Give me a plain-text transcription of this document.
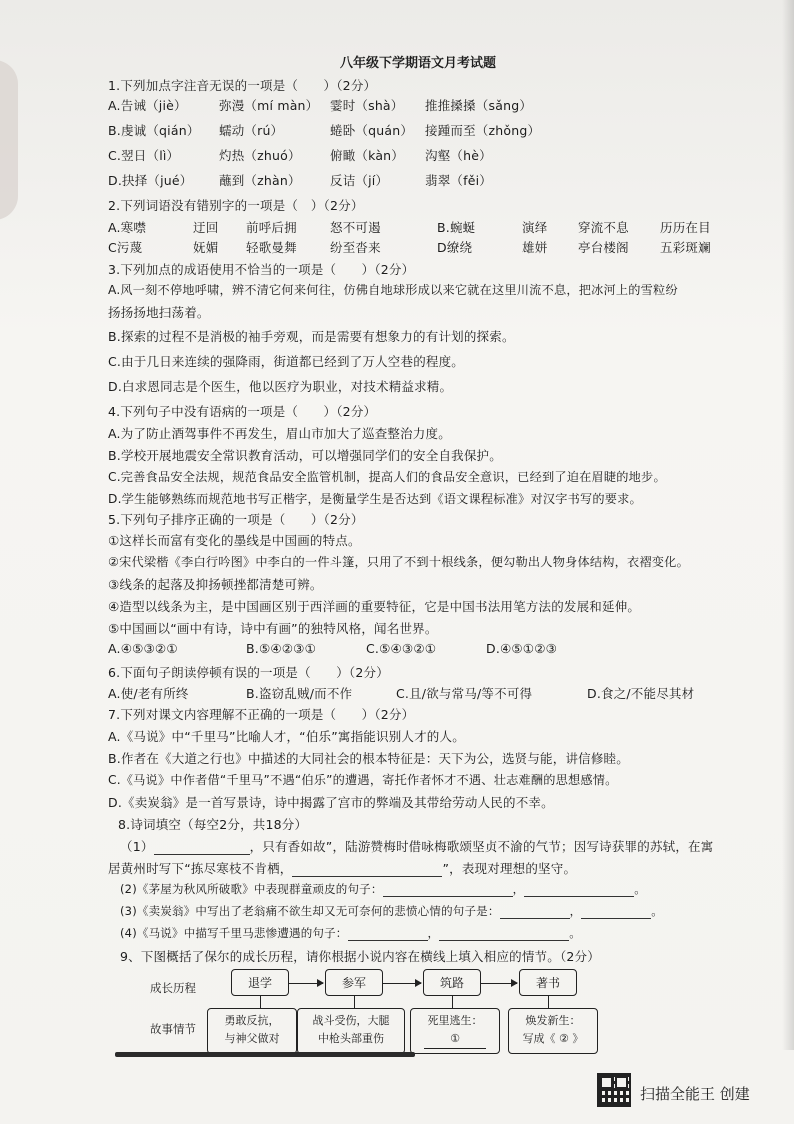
八年级下学期语文月考试题
1.下列加点字注音无误的一项是（　　）（2分）
A.告诫（jiè）	弥漫（mí màn） 霎时（shà） 推推搡搡（sǎng）
B.虔诚（qián） 蠕动（rú）	蜷卧（quán） 接踵而至（zhǒng）
C.翌日（lì）	灼热（zhuó） 俯瞰（kàn） 沟壑（hè）
D.抉择（jué） 蘸到（zhàn） 反诘（jí）	翡翠（fěi）
2.下列词语没有错别字的一项是（　）（2分）
A.寒噤	迂回 前呼后拥	怒不可遏	B.蜿蜒	演绎 穿流不息 历历在目
C污蔑	妩媚 轻歌曼舞	纷至沓来	D缭绕	雄姘 亭台楼阁 五彩斑斓
3.下列加点的成语使用不恰当的一项是（　　）（2分）
A.风一刻不停地呼啸，辨不清它何来何往，仿佛自地球形成以来它就在这里川流不息，把冰河上的雪粒纷
扬扬扬地扫荡着。
B.探索的过程不是消极的袖手旁观，而是需要有想象力的有计划的探索。
C.由于几日来连续的强降雨，街道都已经到了万人空巷的程度。
D.白求恩同志是个医生，他以医疗为职业，对技术精益求精。
4.下列句子中没有语病的一项是（　　）（2分）
A.为了防止酒驾事件不再发生，眉山市加大了巡查整治力度。
B.学校开展地震安全常识教育活动，可以增强同学们的安全自我保护。
C.完善食品安全法规，规范食品安全监管机制，提高人们的食品安全意识，已经到了迫在眉睫的地步。
D.学生能够熟练而规范地书写正楷字，是衡量学生是否达到《语文课程标准》对汉字书写的要求。
5.下列句子排序正确的一项是（　　）（2分）
①这样长而富有变化的墨线是中国画的特点。
②宋代梁楷《李白行吟图》中李白的一件斗篷，只用了不到十根线条，便勾勒出人物身体结构，衣褶变化。
③线条的起落及抑扬顿挫都清楚可辨。
④造型以线条为主，是中国画区别于西洋画的重要特征，它是中国书法用笔方法的发展和延伸。
⑤中国画以“画中有诗，诗中有画”的独特风格，闻名世界。
A.④⑤③②①	B.⑤④②③①	C.⑤④③②①	D.④⑤①②③
6.下面句子朗读停顿有误的一项是（　　）（2分）
A.使/老有所终	B.盗窃乱贼/而不作	C.且/欲与常马/等不可得	D.食之/不能尽其材
7.下列对课文内容理解不正确的一项是（　　）（2分）
A.《马说》中“千里马”比喻人才，“伯乐”寓指能识别人才的人。
B.作者在《大道之行也》中描述的大同社会的根本特征是：天下为公，选贤与能，讲信修睦。
C.《马说》中作者借“千里马”不遇“伯乐”的遭遇，寄托作者怀才不遇、壮志难酬的思想感情。
D.《卖炭翁》是一首写景诗，诗中揭露了宫市的弊端及其带给劳动人民的不幸。
8.诗词填空（每空2分，共18分）
（1）	，只有香如故”，陆游赞梅时借咏梅歌颂坚贞不渝的气节；因写诗获罪的苏轼，在寓
居黄州时写下“拣尽寒枝不肯栖，	”，表现对理想的坚守。
(2)《茅屋为秋风所破歌》中表现群童顽皮的句子：	，	。
(3)《卖炭翁》中写出了老翁痛不欲生却又无可奈何的悲愤心情的句子是：	，	。
(4)《马说》中描写千里马悲惨遭遇的句子：	，	。
9、下图概括了保尔的成长历程，请你根据小说内容在横线上填入相应的情节。（2分）
成长历程
故事情节
退学	参军	筑路	著书
勇敢反抗，
与神父做对
战斗受伤，大腿
中枪头部重伤
死里逃生：
①
焕发新生：
写成《 ② 》
扫描全能王 创建
